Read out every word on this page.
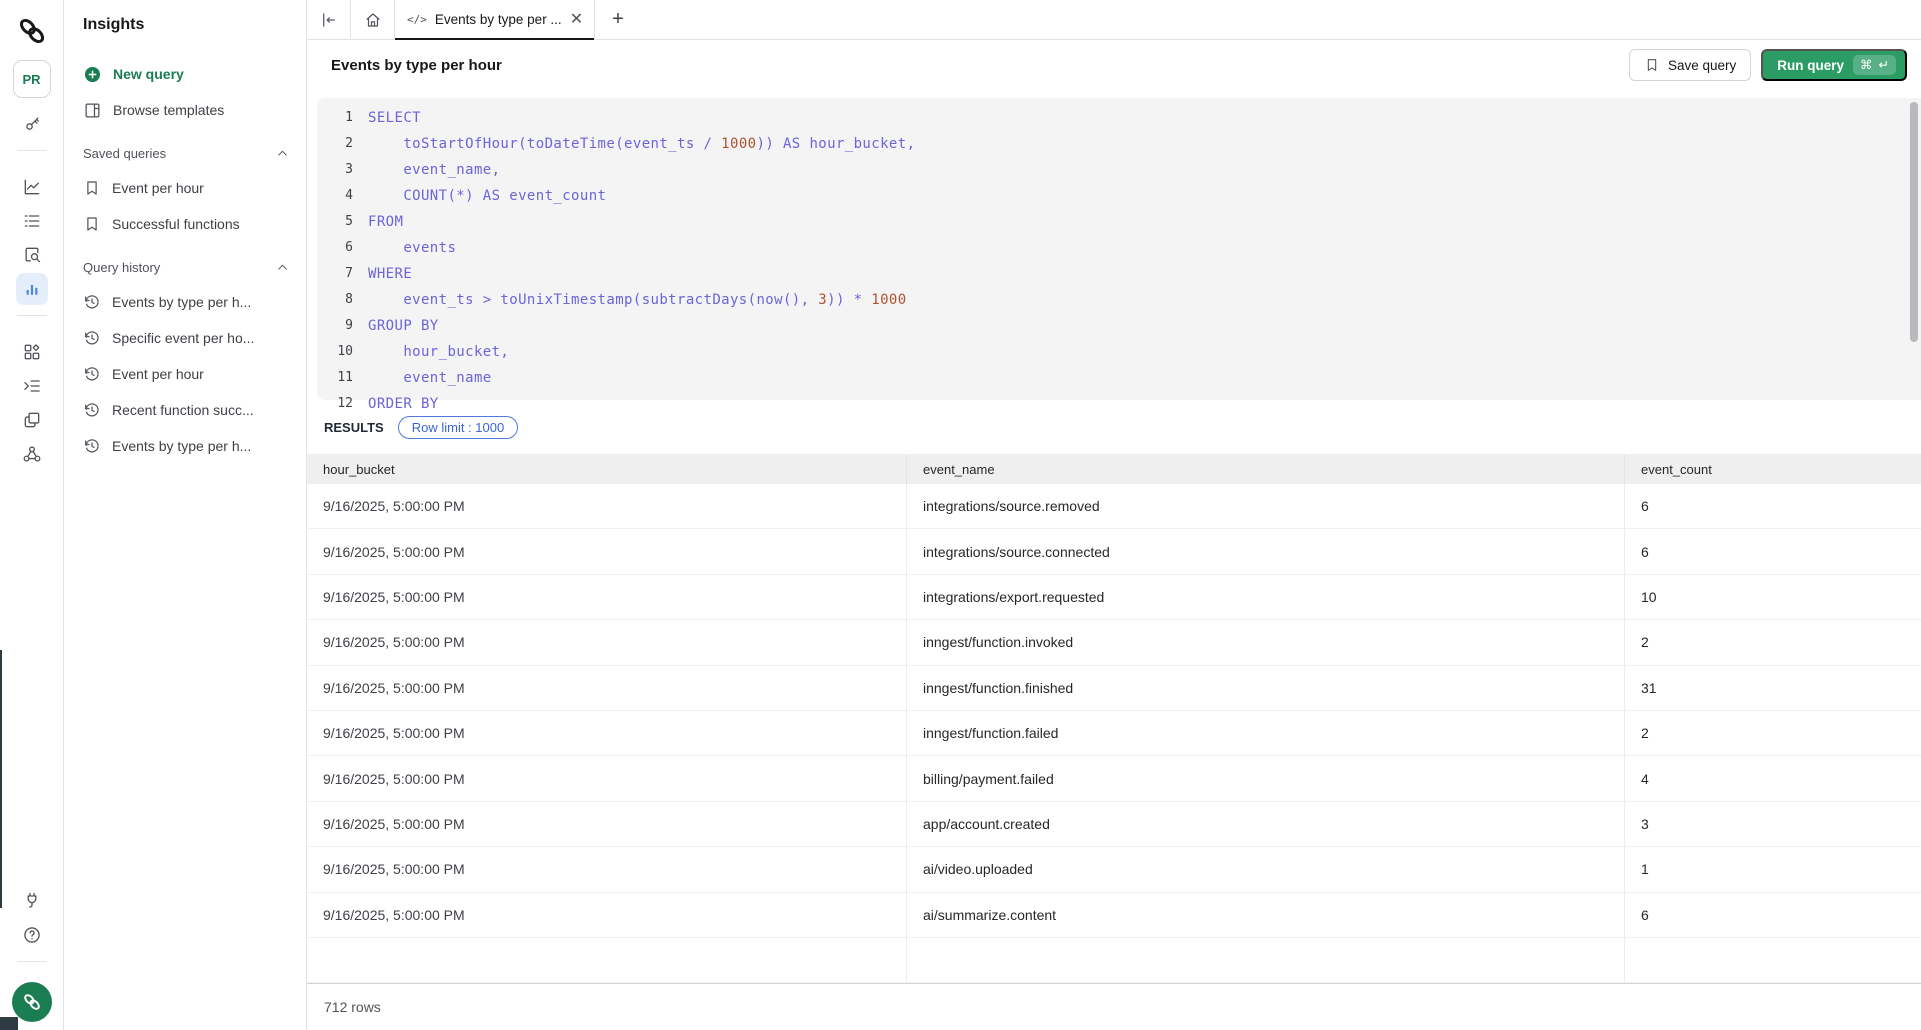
PR
Insights
New query
Browse templates
Saved queries
Event per hour
Successful functions
Query history
Events by type per h...
Specific event per ho...
Event per hour
Recent function succ...
Events by type per h...
</> Events by type per ... ✕	+
Events by type per hour	Save query	Run query ⌘ ↵
1 SELECT
2 toStartOfHour(toDateTime(event_ts / 1000)) AS hour_bucket,
3 event_name,
4 COUNT(*) AS event_count
5 FROM
6 events
7 WHERE
8 event_ts > toUnixTimestamp(subtractDays(now(), 3)) * 1000
9 GROUP BY
10 hour_bucket,
11 event_name
12 ORDER BY
RESULTS	Row limit : 1000
hour_bucket	event_name	event_count
9/16/2025, 5:00:00 PM	integrations/source.removed	6
9/16/2025, 5:00:00 PM	integrations/source.connected	6
9/16/2025, 5:00:00 PM	integrations/export.requested	10
9/16/2025, 5:00:00 PM	inngest/function.invoked	2
9/16/2025, 5:00:00 PM	inngest/function.finished	31
9/16/2025, 5:00:00 PM	inngest/function.failed	2
9/16/2025, 5:00:00 PM	billing/payment.failed	4
9/16/2025, 5:00:00 PM	app/account.created	3
9/16/2025, 5:00:00 PM	ai/video.uploaded	1
9/16/2025, 5:00:00 PM	ai/summarize.content	6
712 rows
